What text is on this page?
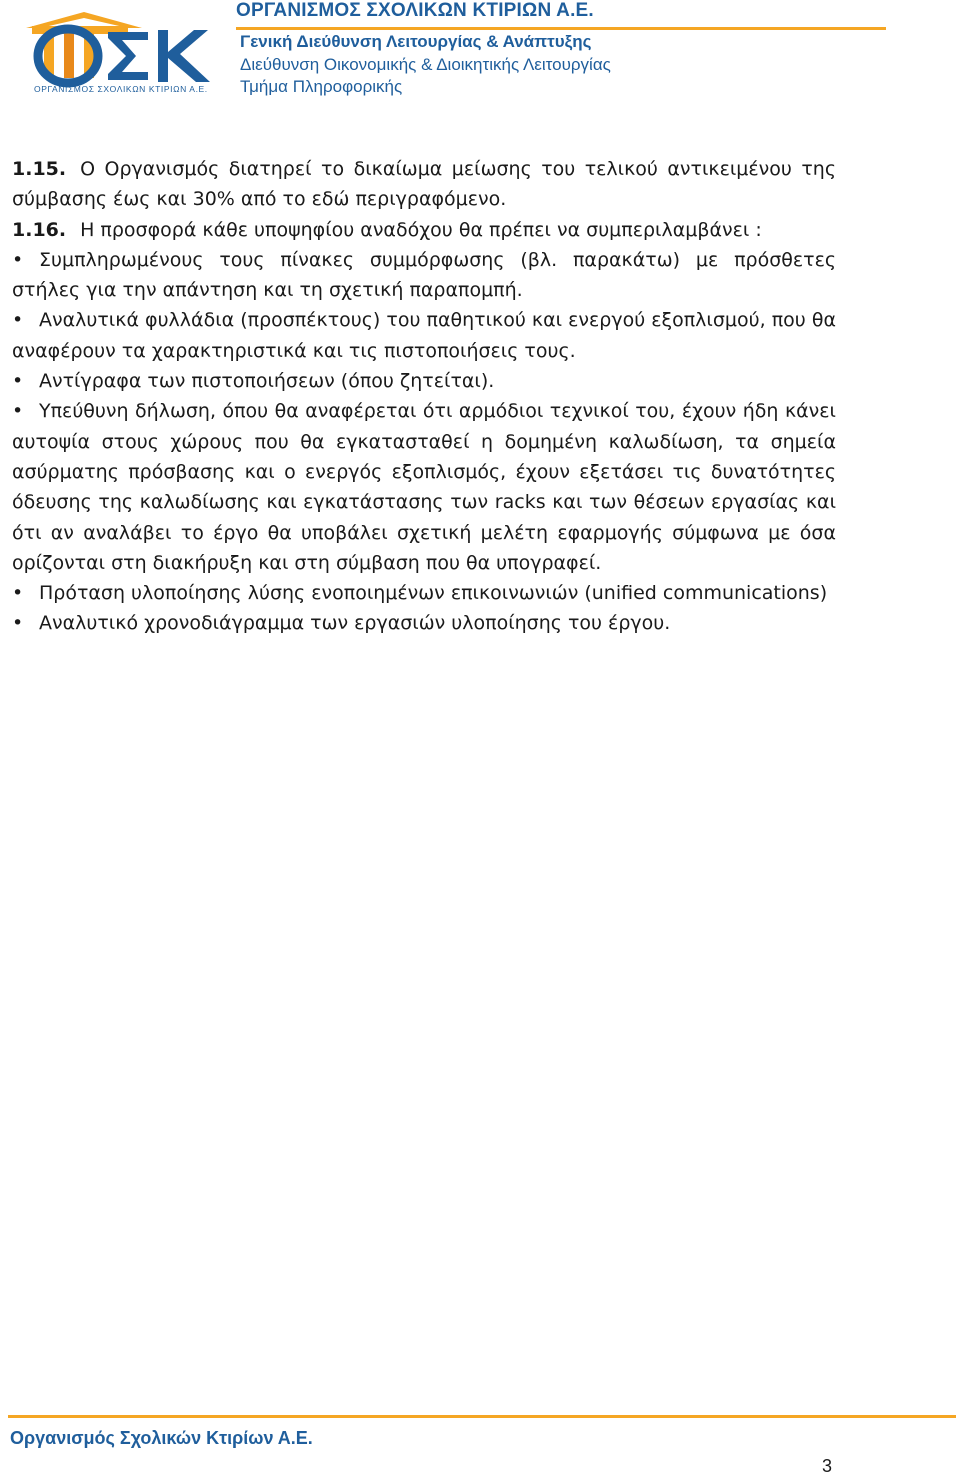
ΟΡΓΑΝΙΣΜΟΣ ΣΧΟΛΙΚΩΝ ΚΤΙΡΙΩΝ Α.Ε.
ΟΡΓΑΝΙΣΜΟΣ ΣΧΟΛΙΚΩΝ ΚΤΙΡΙΩΝ Α.Ε.
Γενική Διεύθυνση Λειτουργίας & Ανάπτυξης
Διεύθυνση Οικονομικής & Διοικητικής Λειτουργίας
Τμήμα Πληροφορικής

1.15. Ο Οργανισμός διατηρεί το δικαίωμα μείωσης του τελικού αντικειμένου της σύμβασης έως και 30% από το εδώ περιγραφόμενο.

1.16. Η προσφορά κάθε υποψηφίου αναδόχου θα πρέπει να συμπεριλαμβάνει :

• Συμπληρωμένους τους πίνακες συμμόρφωσης (βλ. παρακάτω) με πρόσθετες στήλες για την απάντηση και τη σχετική παραπομπή.

• Αναλυτικά φυλλάδια (προσπέκτους) του παθητικού και ενεργού εξοπλισμού, που θα αναφέρουν τα χαρακτηριστικά και τις πιστοποιήσεις τους.

• Αντίγραφα των πιστοποιήσεων (όπου ζητείται).

• Υπεύθυνη δήλωση, όπου θα αναφέρεται ότι αρμόδιοι τεχνικοί του, έχουν ήδη κάνει αυτοψία στους χώρους που θα εγκατασταθεί η δομημένη καλωδίωση, τα σημεία ασύρματης πρόσβασης και ο ενεργός εξοπλισμός, έχουν εξετάσει τις δυνατότητες όδευσης της καλωδίωσης και εγκατάστασης των racks και των θέσεων εργασίας και ότι αν αναλάβει το έργο θα υποβάλει σχετική μελέτη εφαρμογής σύμφωνα με όσα ορίζονται στη διακήρυξη και στη σύμβαση που θα υπογραφεί.

• Πρόταση υλοποίησης λύσης ενοποιημένων επικοινωνιών (unified communications)

• Αναλυτικό χρονοδιάγραμμα των εργασιών υλοποίησης του έργου.

Οργανισμός Σχολικών Κτιρίων Α.Ε.
3
